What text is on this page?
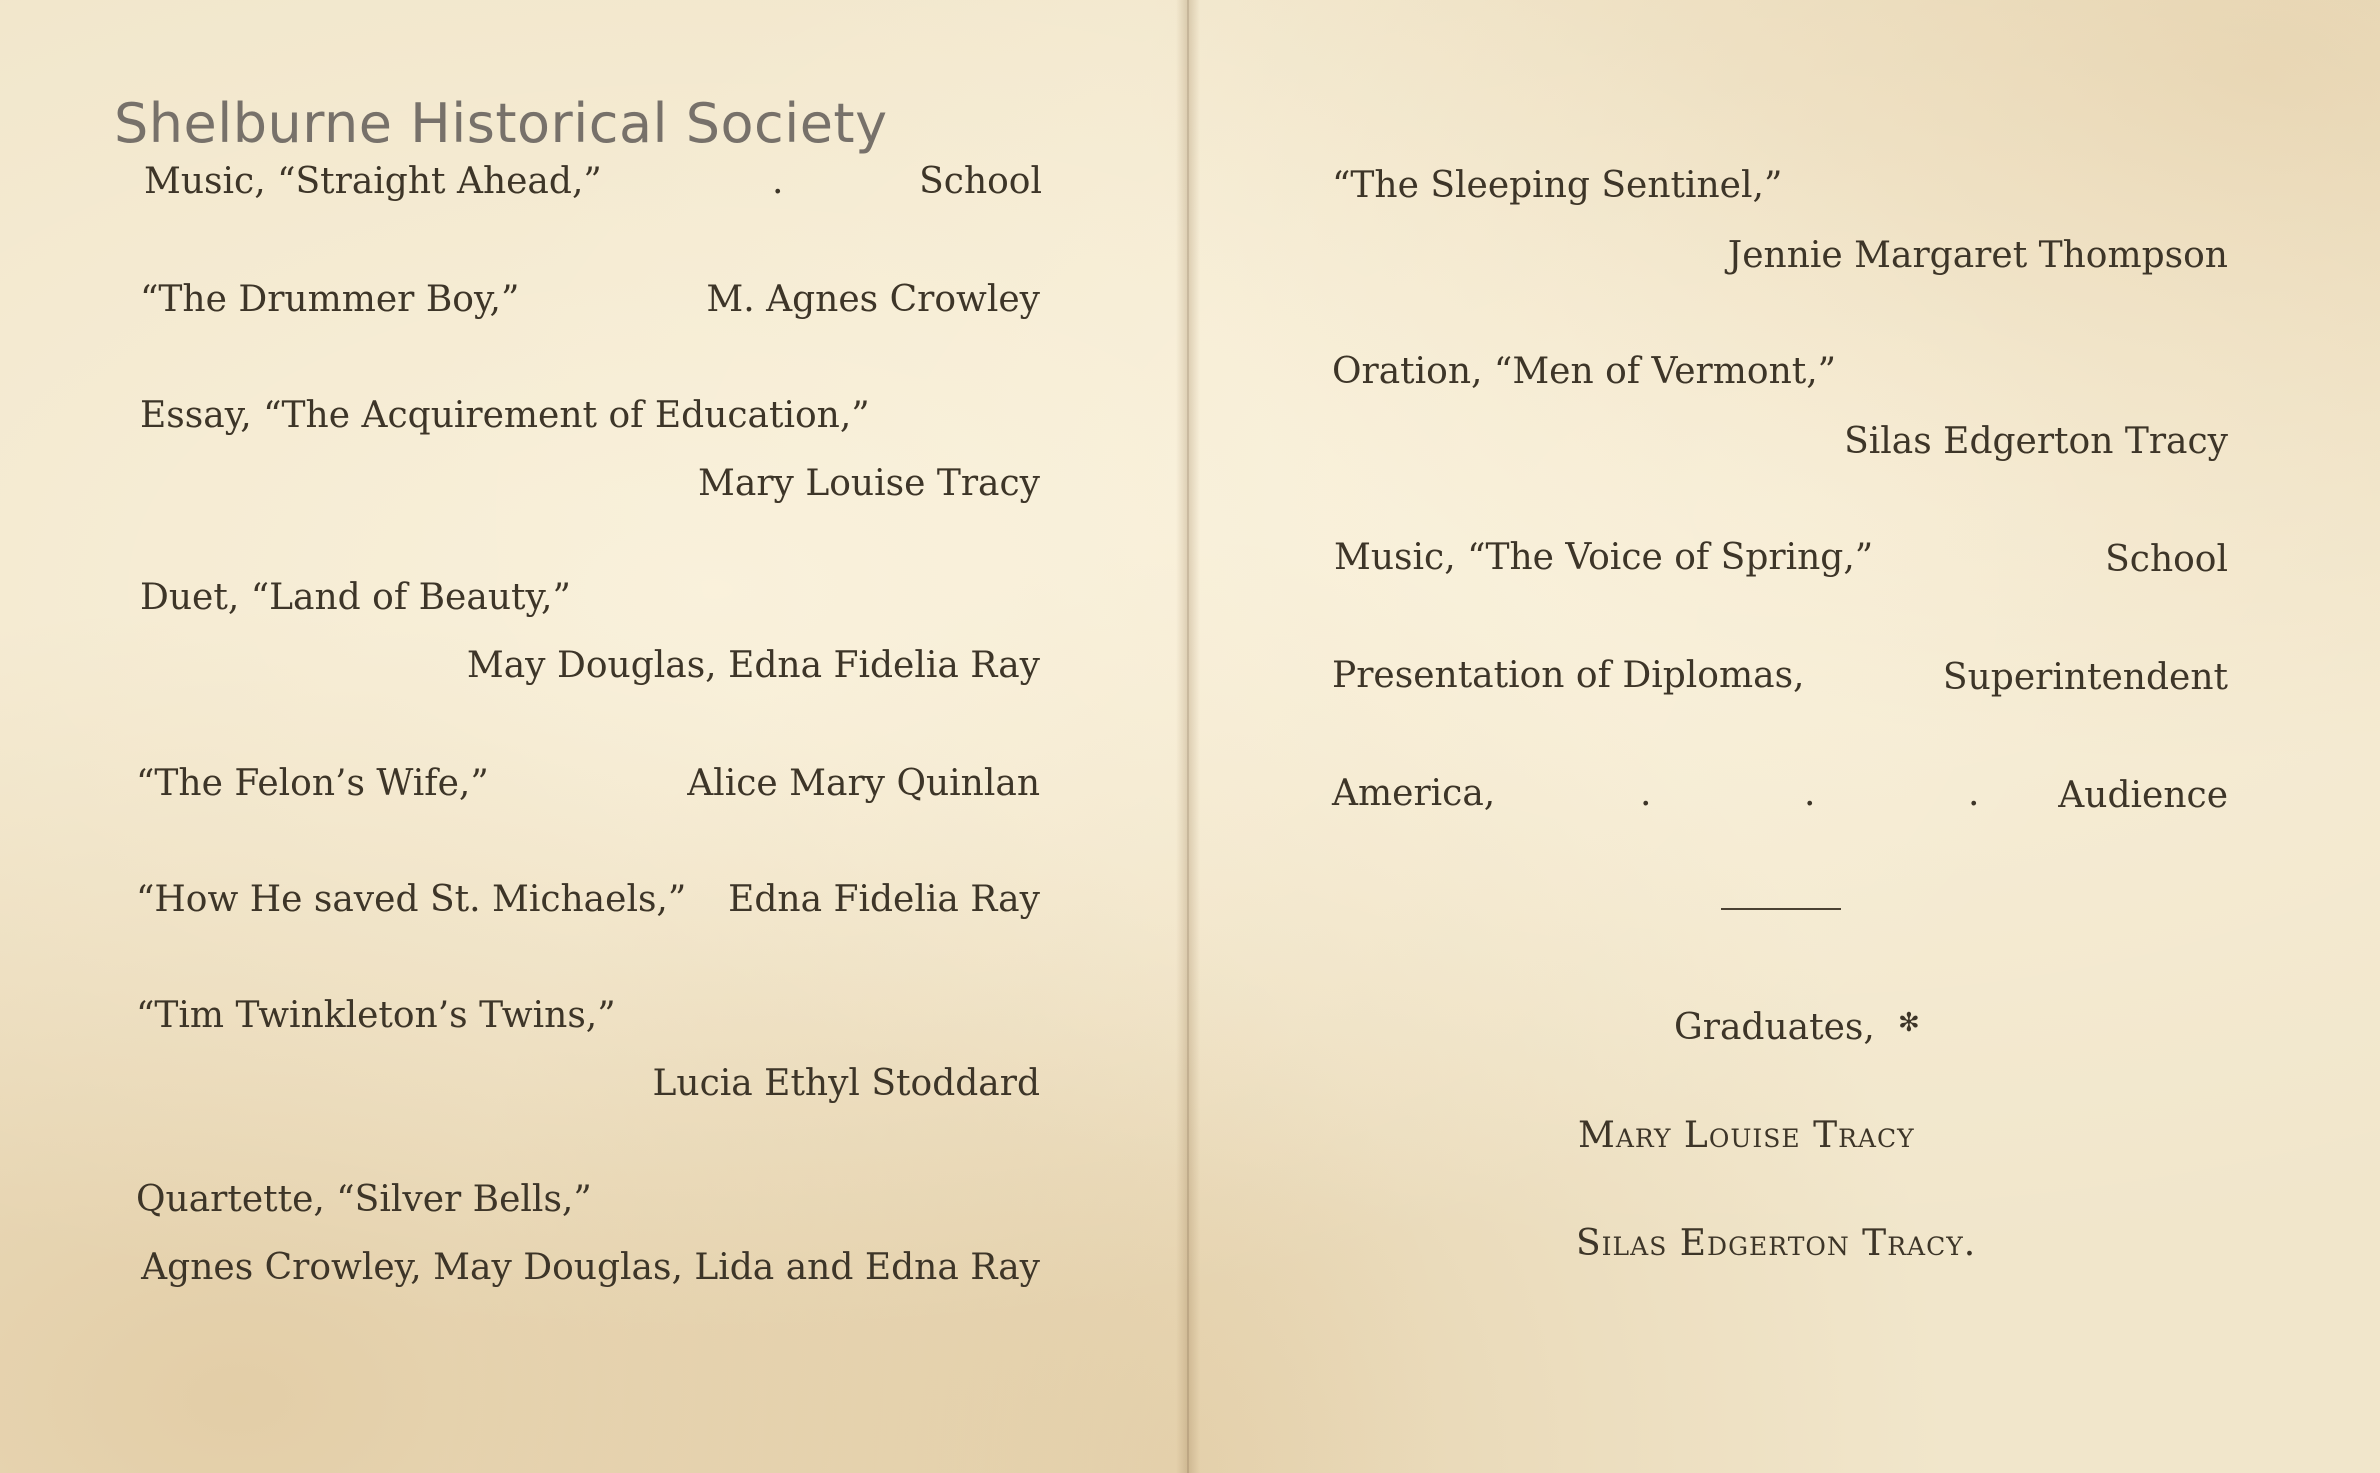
Shelburne Historical Society
Music, “Straight Ahead,”	.	School
“The Drummer Boy,”	M. Agnes Crowley
Essay, “The Acquirement of Education,”
Mary Louise Tracy
Duet, “Land of Beauty,”
May Douglas, Edna Fidelia Ray
“The Felon’s Wife,”	Alice Mary Quinlan
“How He saved St. Michaels,” Edna Fidelia Ray
“Tim Twinkleton’s Twins,”
Lucia Ethyl Stoddard
Quartette, “Silver Bells,”
Agnes Crowley, May Douglas, Lida and Edna Ray
“The Sleeping Sentinel,”
Jennie Margaret Thompson
Oration, “Men of Vermont,”
Silas Edgerton Tracy
Music, “The Voice of Spring,”	School
Presentation of Diplomas,	Superintendent
America,	.	.	. Audience
Graduates, ✻
Mary Louise Tracy
Silas Edgerton Tracy.
